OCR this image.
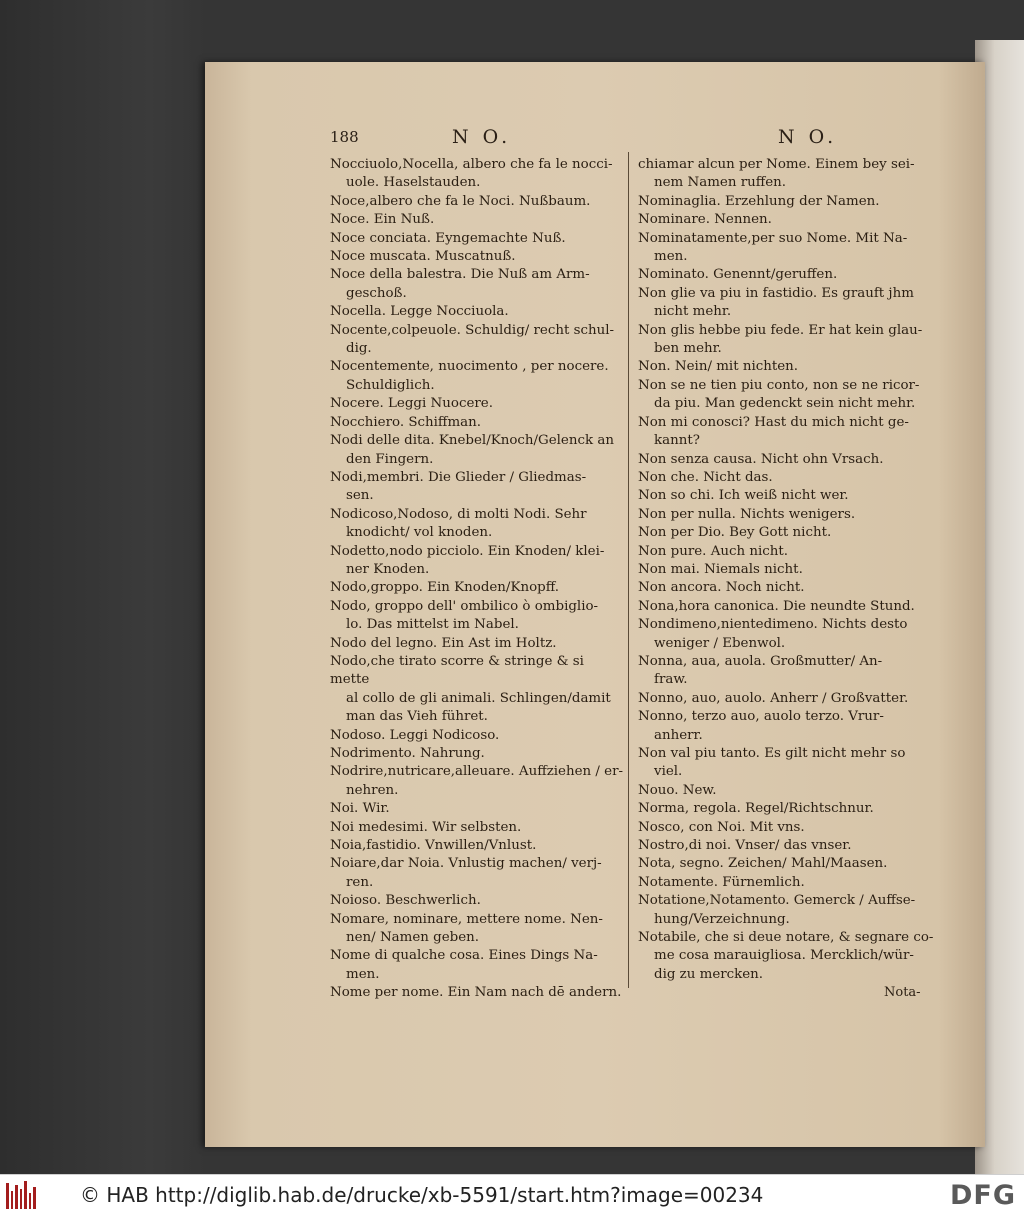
188	N O.	N O.
Nocciuolo,Nocella, albero che fa le nocci-
uole. Haselstauden.
Noce,albero che fa le Noci. Nußbaum.
Noce. Ein Nuß.
Noce conciata. Eyngemachte Nuß.
Noce muscata. Muscatnuß.
Noce della balestra. Die Nuß am Arm-
geschoß.
Nocella. Legge Nocciuola.
Nocente,colpeuole. Schuldig/ recht schul-
dig.
Nocentemente, nuocimento , per nocere.
Schuldiglich.
Nocere. Leggi Nuocere.
Nocchiero. Schiffman.
Nodi delle dita. Knebel/Knoch/Gelenck an
den Fingern.
Nodi,membri. Die Glieder / Gliedmas-
sen.
Nodicoso,Nodoso, di molti Nodi. Sehr
knodicht/ vol knoden.
Nodetto,nodo picciolo. Ein Knoden/ klei-
ner Knoden.
Nodo,groppo. Ein Knoden/Knopff.
Nodo, groppo dell' ombilico ò ombiglio-
lo. Das mittelst im Nabel.
Nodo del legno. Ein Ast im Holtz.
Nodo,che tirato scorre & stringe & si mette
al collo de gli animali. Schlingen/damit
man das Vieh führet.
Nodoso. Leggi Nodicoso.
Nodrimento. Nahrung.
Nodrire,nutricare,alleuare. Auffziehen / er-
nehren.
Noi. Wir.
Noi medesimi. Wir selbsten.
Noia,fastidio. Vnwillen/Vnlust.
Noiare,dar Noia. Vnlustig machen/ verj-
ren.
Noioso. Beschwerlich.
Nomare, nominare, mettere nome. Nen-
nen/ Namen geben.
Nome di qualche cosa. Eines Dings Na-
men.
Nome per nome. Ein Nam nach dē andern.
chiamar alcun per Nome. Einem bey sei-
nem Namen ruffen.
Nominaglia. Erzehlung der Namen.
Nominare. Nennen.
Nominatamente,per suo Nome. Mit Na-
men.
Nominato. Genennt/geruffen.
Non glie va piu in fastidio. Es grauft jhm
nicht mehr.
Non glis hebbe piu fede. Er hat kein glau-
ben mehr.
Non. Nein/ mit nichten.
Non se ne tien piu conto, non se ne ricor-
da piu. Man gedenckt sein nicht mehr.
Non mi conosci? Hast du mich nicht ge-
kannt?
Non senza causa. Nicht ohn Vrsach.
Non che. Nicht das.
Non so chi. Ich weiß nicht wer.
Non per nulla. Nichts wenigers.
Non per Dio. Bey Gott nicht.
Non pure. Auch nicht.
Non mai. Niemals nicht.
Non ancora. Noch nicht.
Nona,hora canonica. Die neundte Stund.
Nondimeno,nientedimeno. Nichts desto
weniger / Ebenwol.
Nonna, aua, auola. Großmutter/ An-
fraw.
Nonno, auo, auolo. Anherr / Großvatter.
Nonno, terzo auo, auolo terzo. Vrur-
anherr.
Non val piu tanto. Es gilt nicht mehr so
viel.
Nouo. New.
Norma, regola. Regel/Richtschnur.
Nosco, con Noi. Mit vns.
Nostro,di noi. Vnser/ das vnser.
Nota, segno. Zeichen/ Mahl/Maasen.
Notamente. Fürnemlich.
Notatione,Notamento. Gemerck / Auffse-
hung/Verzeichnung.
Notabile, che si deue notare, & segnare co-
me cosa marauigliosa. Mercklich/wür-
dig zu mercken.
Nota-
© HAB http://diglib.hab.de/drucke/xb-5591/start.htm?image=00234	DFG
